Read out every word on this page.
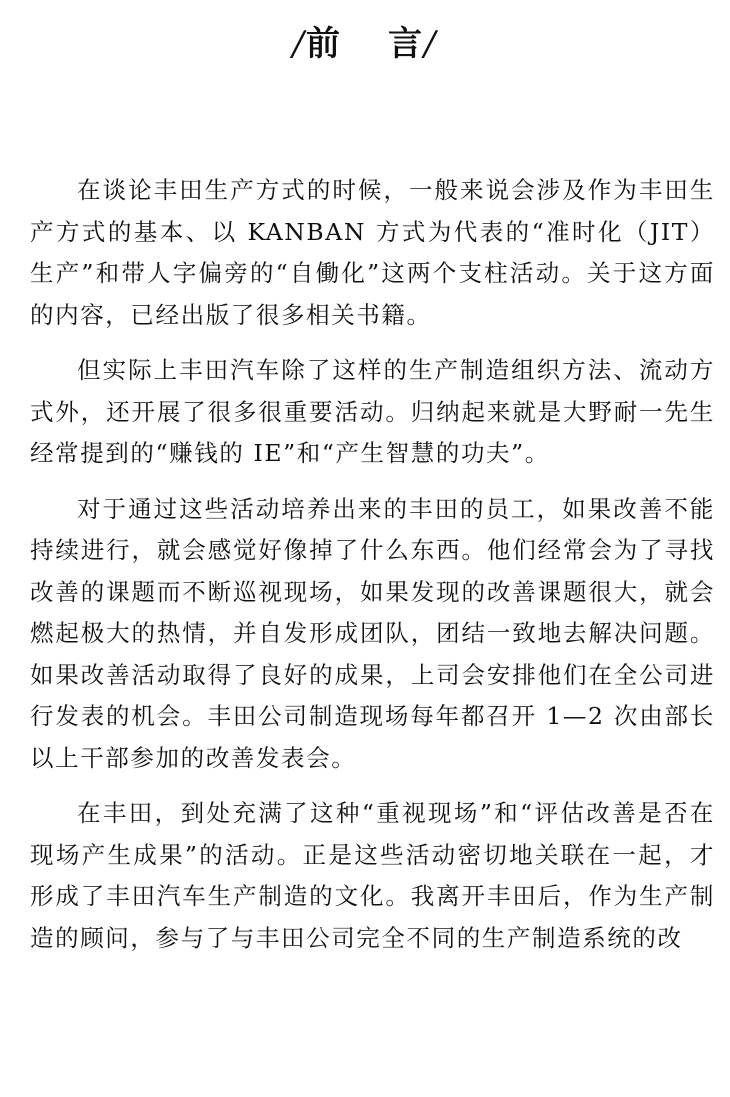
/前 言/

在谈论丰田生产方式的时候，一般来说会涉及作为丰田生产方式的基本、以 KANBAN 方式为代表的“准时化（JIT）生产”和带人字偏旁的“自働化”这两个支柱活动。关于这方面的内容，已经出版了很多相关书籍。

但实际上丰田汽车除了这样的生产制造组织方法、流动方式外，还开展了很多很重要活动。归纳起来就是大野耐一先生经常提到的“赚钱的 IE”和“产生智慧的功夫”。

对于通过这些活动培养出来的丰田的员工，如果改善不能持续进行，就会感觉好像掉了什么东西。他们经常会为了寻找改善的课题而不断巡视现场，如果发现的改善课题很大，就会燃起极大的热情，并自发形成团队，团结一致地去解决问题。如果改善活动取得了良好的成果，上司会安排他们在全公司进行发表的机会。丰田公司制造现场每年都召开 1—2 次由部长以上干部参加的改善发表会。

在丰田，到处充满了这种“重视现场”和“评估改善是否在现场产生成果”的活动。正是这些活动密切地关联在一起，才形成了丰田汽车生产制造的文化。我离开丰田后，作为生产制造的顾问，参与了与丰田公司完全不同的生产制造系统的改
